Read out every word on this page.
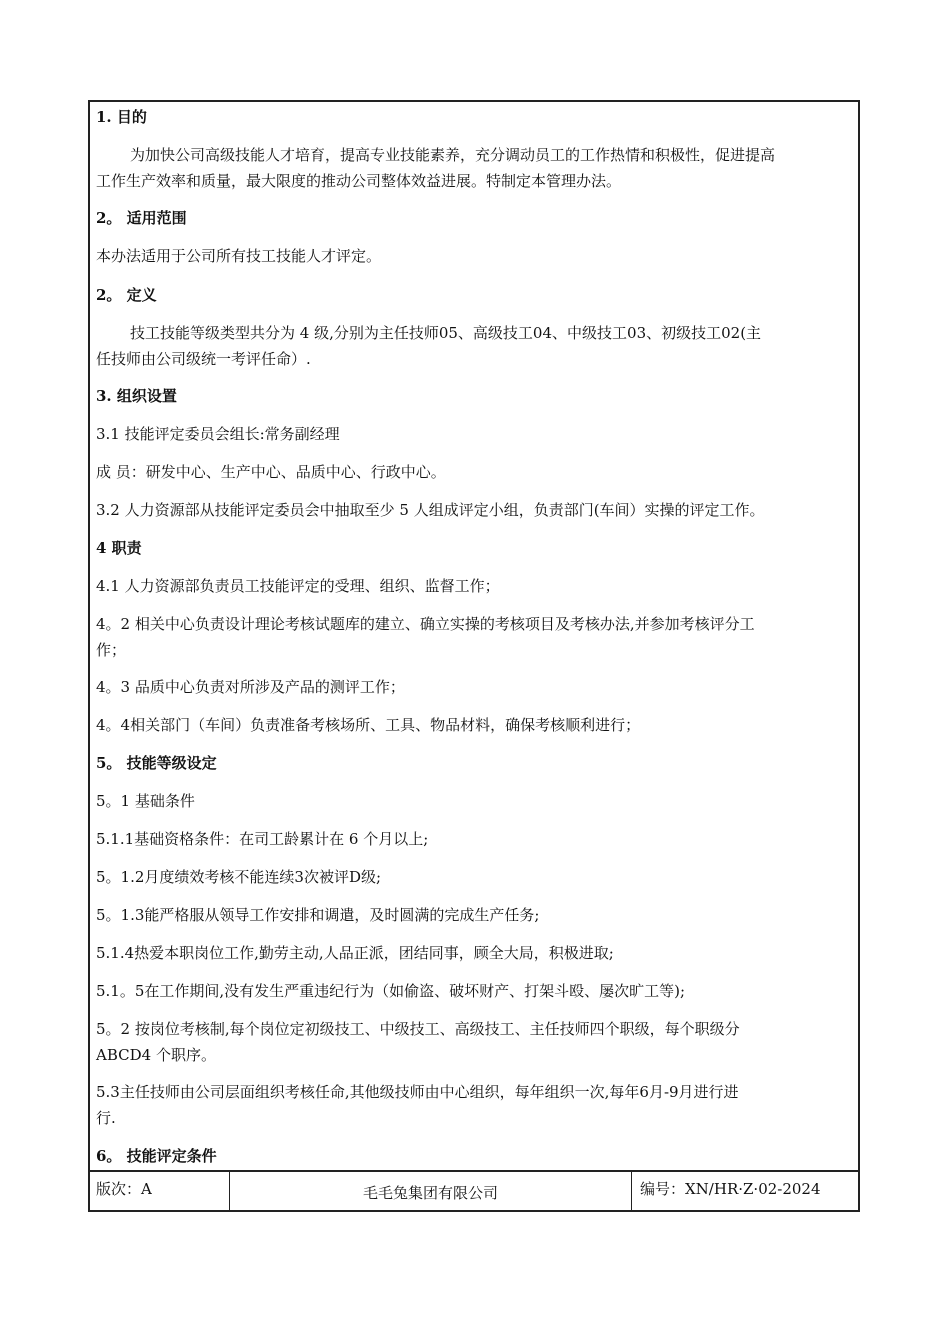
1. 目的
为加快公司高级技能人才培育，提高专业技能素养，充分调动员工的工作热情和积极性，促进提高
工作生产效率和质量，最大限度的推动公司整体效益进展。特制定本管理办法。
2。 适用范围
本办法适用于公司所有技工技能人才评定。
2。 定义
技工技能等级类型共分为 4 级,分别为主任技师05、高级技工04、中级技工03、初级技工02(主
任技师由公司级统一考评任命）.
3. 组织设置
3.1 技能评定委员会组长:常务副经理
成 员：研发中心、生产中心、品质中心、行政中心。
3.2 人力资源部从技能评定委员会中抽取至少 5 人组成评定小组，负责部门(车间）实操的评定工作。
4 职责
4.1 人力资源部负责员工技能评定的受理、组织、监督工作；
4。2 相关中心负责设计理论考核试题库的建立、确立实操的考核项目及考核办法,并参加考核评分工
作；
4。3 品质中心负责对所涉及产品的测评工作；
4。4相关部门（车间）负责准备考核场所、工具、物品材料，确保考核顺利进行；
5。 技能等级设定
5。1 基础条件
5.1.1基础资格条件：在司工龄累计在 6 个月以上;
5。1.2月度绩效考核不能连续3次被评D级;
5。1.3能严格服从领导工作安排和调遣，及时圆满的完成生产任务;
5.1.4热爱本职岗位工作,勤劳主动,人品正派，团结同事，顾全大局，积极进取;
5.1。5在工作期间,没有发生严重违纪行为（如偷盗、破坏财产、打架斗殴、屡次旷工等);
5。2 按岗位考核制,每个岗位定初级技工、中级技工、高级技工、主任技师四个职级，每个职级分
ABCD4 个职序。
5.3主任技师由公司层面组织考核任命,其他级技师由中心组织，每年组织一次,每年6月-9月进行进
行.
6。 技能评定条件
版次：A	毛毛兔集团有限公司	编号：XN/HR·Z·02-2024
